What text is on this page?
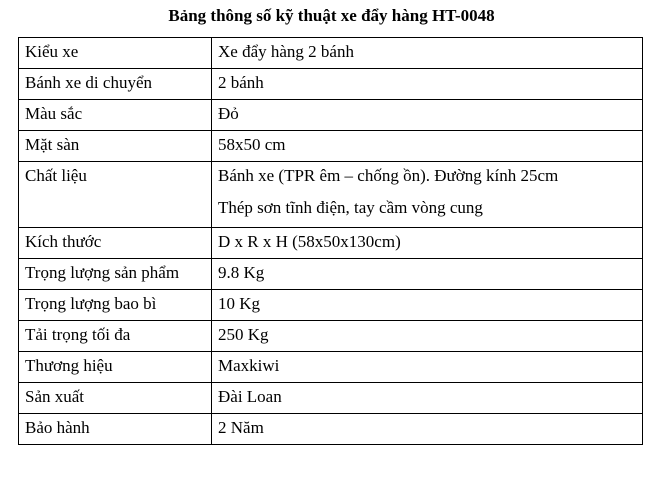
Bảng thông số kỹ thuật xe đẩy hàng HT-0048
Kiểu xe	Xe đẩy hàng 2 bánh
Bánh xe di chuyển	2 bánh
Màu sắc	Đỏ
Mặt sàn	58x50 cm
Chất liệu	Bánh xe (TPR êm – chống ồn). Đường kính 25cm
Thép sơn tĩnh điện, tay cầm vòng cung

Kích thước	D x R x H (58x50x130cm)
Trọng lượng sản phẩm	9.8 Kg
Trọng lượng bao bì	10 Kg
Tải trọng tối đa	250 Kg
Thương hiệu	Maxkiwi
Sản xuất	Đài Loan
Bảo hành	2 Năm
